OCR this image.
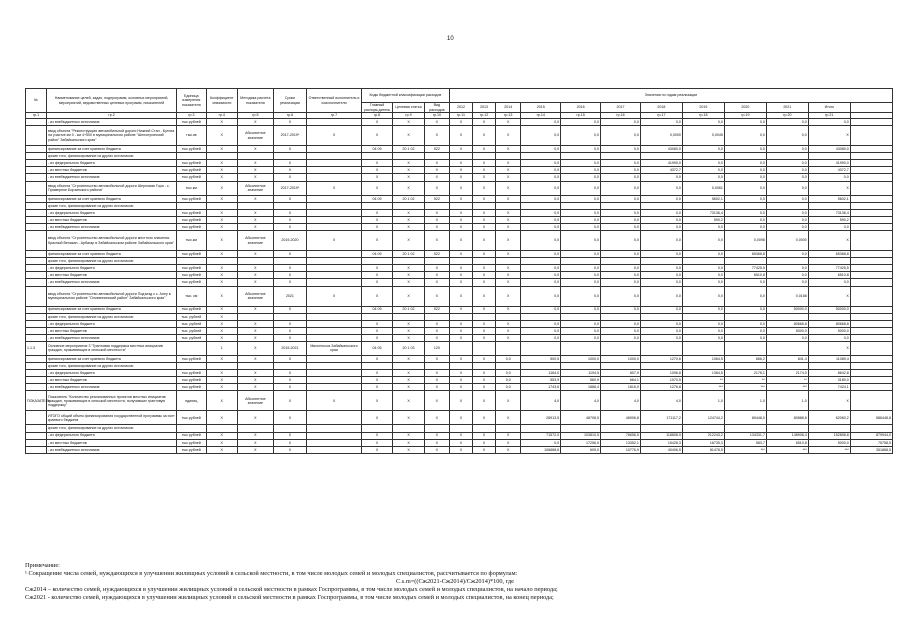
10
№	Наименование целей, задач, подпрограмм, основных мероприятий, мероприятий, ведомственных целевых программ, показателей	Единица измерения показателя	Коэффициент значимости	Методика расчета показателя	Сроки реализации	Ответственный исполнитель и соисполнители	Коды бюджетной классификации расходов			Значения по годам реализации											
							Главный распоря-дитель	Целевая статья	Вид расходов	2012	2013	2014	2015	2016	2017	2018	2019	2020	2021	Итого	
гр.1	гр.2	гр.3	гр.4	гр.5	гр.6	гр.7	гр.8	гр.9	гр.10	гр.11	гр.12	гр.13	гр.14	гр.15	гр.16	гр.17	гр.18	гр.19	гр.20	гр.21	
	- из внебюджетных источников	тыс.рублей	X	X	X		X	X	X	X	X	X	0,0	0,0	0,0	0,0	0,0	0,0	0,0	0,0	
	ввод объекта "Реконструкция автомобильной дороги Нижний Стан - Бутиха на участке км 0 - км 4+500 в муниципальном районе "Шелопугинский район" Забайкальского края"	тыс.кв	X	Абсолютное значение	2017-2019*	X	X	X	X	X	X	X	0,0	0,0	0,0	0,0000	0,0045	0,0	0,0	X	
	финансирование за счет краевого бюджета	тыс.рублей	X	X	X		04 09	20 1 02	522	X	X	X	0,0	0,0	0,0	43080,0	0,0	0,0	0,0	43080,0	
	кроме того, финансирование из других источников:																				
	- из федерального бюджета	тыс.рублей	X	X	X		X	X	X	X	X	X	0,0	0,0	0,0	41990,0	0,0	0,0	0,0	41990,0	
	- из местных бюджетов	тыс.рублей	X	X	X		X	X	X	X	X	X	0,0	0,0	0,0	4372,7	0,0	0,0	0,0	4372,7	
	- из внебюджетных источников	тыс.рублей	X	X	X		X	X	X	X	X	X	0,0	0,0	0,0	0,0	0,0	0,0	0,0	0,0	
	ввод объекта "Строительство автомобильной дороги Шерловая Гора - с. Примерное Борзинского района"	тыс.км	X	Абсолютное значение	2017-2019*	X	X	X	X	X	X	X	0,0	0,0	0,0	0,0	0,0061	0,0	0,0	X	
	финансирование за счет краевого бюджета	тыс.рублей	X	X	X		04 09	20 1 02	522	X	X	X	0,0	0,0	0,0	0,0	5602,1	0,0	0,0	5602,1	
	кроме того, финансирование из других источников:																				
	- из федерального бюджета	тыс.рублей	X	X	X		X	X	X	X	X	X	0,0	0,0	0,0	0,0	73136,4	0,0	0,0	73136,4	
	- из местных бюджетов	тыс.рублей	X	X	X		X	X	X	X	X	X	0,0	0,0	0,0	0,0	590,2	0,0	0,0	590,2	
	- из внебюджетных источников	тыс.рублей	X	X	X		X	X	X	X	X	X	0,0	0,0	0,0	0,0	0,0	0,0	0,0	0,0	
	ввод объекта "Строительство автомобильной дороги местного значения Красный Великан - Арбагар в Забайкальском районе Забайкальского края"	тыс.км	X	Абсолютное значение	2019-2020	X	X	X	X	X	X	X	0,0	0,0	0,0	0,0	0,0	0,0098	0,0000	X	
	финансирование за счет краевого бюджета	тыс.рублей	X	X	X		04 09	20 1 02	522	X	X	X	0,0	0,0	0,0	0,0	0,0	65368,8	0,0	65368,8	
	кроме того, финансирование из других источников:																				
	- из федерального бюджета	тыс.рублей	X	X	X		X	X	X	X	X	X	0,0	0,0	0,0	0,0	0,0	77425,5	0,0	77425,5	
	- из местных бюджетов	тыс.рублей	X	X	X		X	X	X	X	X	X	0,0	0,0	0,0	0,0	0,0	6510,8	0,0	6510,8	
	- из внебюджетных источников	тыс.рублей	X	X	X		X	X	X	X	X	X	0,0	0,0	0,0	0,0	0,0	0,0	0,0	0,0	
	ввод объекта "Строительство автомобильной дороги Подъезд к с. Алеу в муниципальном районе "Оловяннинский район" Забайкальского края"	тыс. км	X	Абсолютное значение	2021	X	X	X	X	X	X	X	0,0	0,0	0,0	0,0	0,0	0,0	0,0168	X	
	финансирование за счет краевого бюджета	тыс.рублей	X	X	X		04 09	20 1 02	522	X	X	X	0,0	0,0	0,0	0,0	0,0	0,0	50000,0	50000,0	
	кроме того, финансирование из других источников:	тыс. рублей	X																		
	- из федерального бюджета	тыс. рублей	X	X	X		X	X	X	X	X	X	0,0	0,0	0,0	0,0	0,0	0,0	80668,8	80668,8	
	- из местных бюджетов	тыс. рублей	X	X	X		X	X	X	X	X	X	0,0	0,0	0,0	0,0	0,0	0,0	5000,0	5000,0	
	- из внебюджетных источников	тыс. рублей	X	X	X		X	X	X	X	X	X	0,0	0,0	0,0	0,0	0,0	0,0	0,0	0,0	
1.1.3	Основное мероприятие 3 "Грантовая поддержка местных инициатив граждан, проживающих в сельской местности"		1	X	2015-2021	Минсельхоз Забайкальского края	04 05	20 1 03	120											X	
	финансирование за счет краевого бюджета	тыс.рублей	X	X	X		X	X	X	X	X	0,0	500,5	1000,0	1000,0	1270,6	1064,5	866,2	841,4	11089,4	
	кроме того, финансирование из других источников:																				
	- из федерального бюджета	тыс.рублей	X	X	X		X	X	X	X	X	0,0	1164,0	1194,5	807,9	1096,8	1364,5	2176,1	2174,0	8642,8	
	- из местных бюджетов	тыс.рублей	X	X	X		X	X	X	X	X	0,0	553,9	560,9	664,1	1070,5	**	**	**	3180,0	
	- из внебюджетных источников	тыс.рублей	X	X	X		X	X	X	X	X	0,0	1743,6	1888,4	1816,0	1276,8	***	***	***	7424,1	
ПОКАЗАТЕЛЬ	Показатель "Количество реализованных проектов местных инициатив граждан, проживающих в сельской местности, получивших грантовую поддержку"	единиц	X	Абсолютное значение	X	X	X	X	X	X	X	X	4,0	4,0	4,0	4,0	1,0	1,0	1,0	X	
	ИТОГО общий объем финансирования государственной программы за счет краевого бюджета	тыс.рублей	X	X	X		X	X	X	X	X	X	28913,5	48708,5	46906,8	171117,2	124744,2	89448,0	80888,6	62060,2	586448,8
	кроме того, финансирование из других источников:																				
	- из федерального бюджета	тыс.рублей	X	X	X		X	X	X	X	X	X	71572,0	103810,5	76656,5	118808,9	212243,2	134331,7	148908,4	152898,8	879944,0
	- из местных бюджетов	тыс.рублей	X	X	X		X	X	X	X	X	X	0,0	17256,5	13352,1	15428,3	16735,3	583,7	6510,8	5000,0	75758,5
	- из внебюджетных источников	тыс.рублей	X	X	X		X	X	X	X	X	X	106668,6	605,0	10776,9	40406,5	81478,5	***	***	***	351868,5
Примечание:
¹ Сокращение числа семей, нуждающихся в улучшении жилищных условий в сельской местности, в том числе молодых семей и молодых специалистов, рассчитывается по формулам:
С.s.m=((Сж2021-Сж2014)/Сж2014)*100, где
Сж2014 – количество семей, нуждающихся в улучшении жилищных условий в сельской местности в рамках Госпрограммы, в том числе молодых семей и молодых специалистов, на начало периода;
Сж2021 - количество семей, нуждающихся в улучшении жилищных условий в сельской местности в рамках Госпрограммы, в том числе молодых семей и молодых специалистов, на конец периода;
